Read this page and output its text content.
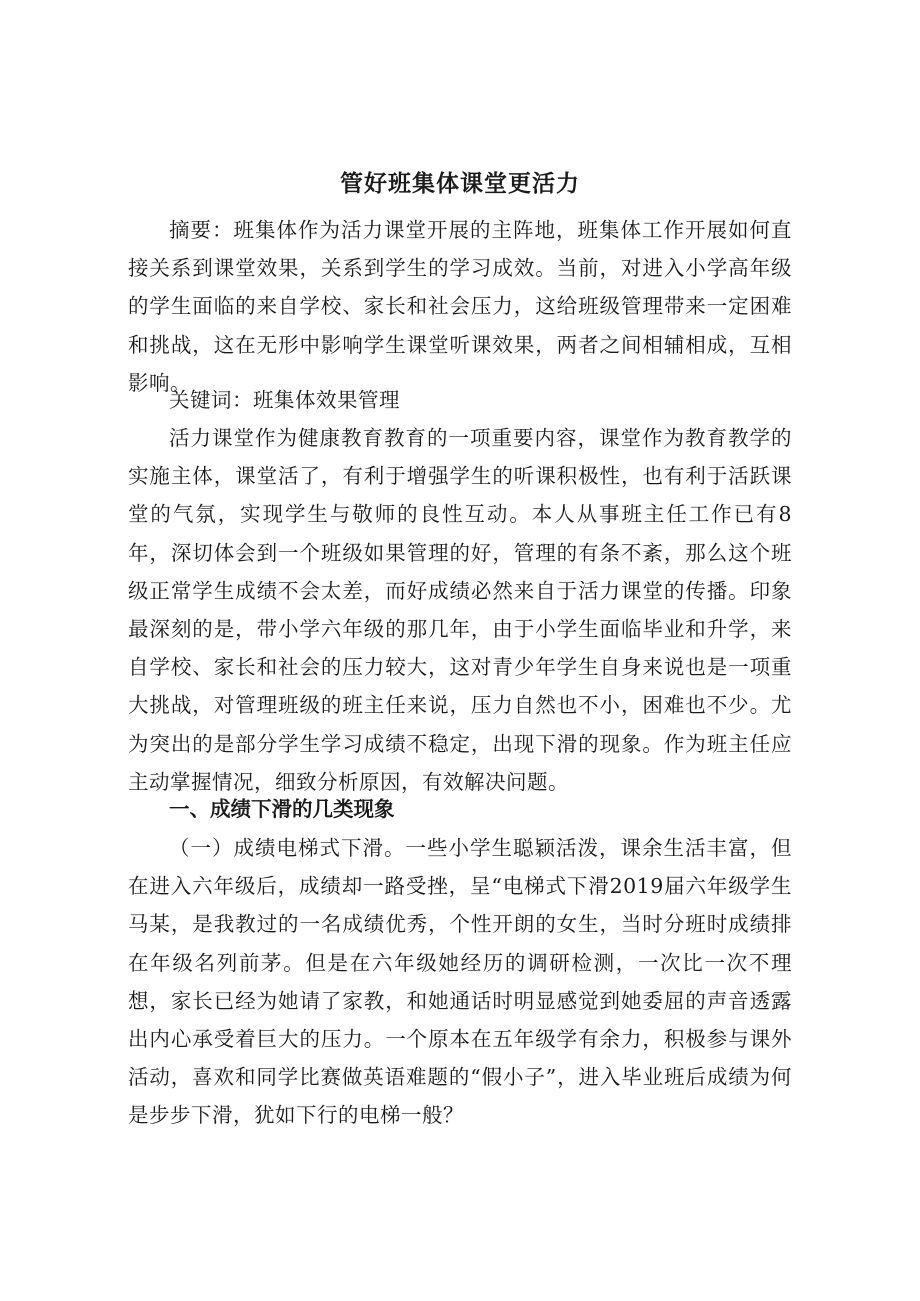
管好班集体课堂更活力

摘要：班集体作为活力课堂开展的主阵地，班集体工作开展如何直接关系到课堂效果，关系到学生的学习成效。当前，对进入小学高年级的学生面临的来自学校、家长和社会压力，这给班级管理带来一定困难和挑战，这在无形中影响学生课堂听课效果，两者之间相辅相成，互相影响。

关键词：班集体效果管理

活力课堂作为健康教育教育的一项重要内容，课堂作为教育教学的实施主体，课堂活了，有利于增强学生的听课积极性，也有利于活跃课堂的气氛，实现学生与敬师的良性互动。本人从事班主任工作已有8年，深切体会到一个班级如果管理的好，管理的有条不紊，那么这个班级正常学生成绩不会太差，而好成绩必然来自于活力课堂的传播。印象最深刻的是，带小学六年级的那几年，由于小学生面临毕业和升学，来自学校、家长和社会的压力较大，这对青少年学生自身来说也是一项重大挑战，对管理班级的班主任来说，压力自然也不小，困难也不少。尤为突出的是部分学生学习成绩不稳定，出现下滑的现象。作为班主任应主动掌握情况，细致分析原因，有效解决问题。

一、成绩下滑的几类现象

（一）成绩电梯式下滑。一些小学生聪颖活泼，课余生活丰富，但在进入六年级后，成绩却一路受挫，呈“电梯式下滑2019届六年级学生马某，是我教过的一名成绩优秀，个性开朗的女生，当时分班时成绩排在年级名列前茅。但是在六年级她经历的调研检测，一次比一次不理想，家长已经为她请了家教，和她通话时明显感觉到她委屈的声音透露出内心承受着巨大的压力。一个原本在五年级学有余力，积极参与课外活动，喜欢和同学比赛做英语难题的“假小子”，进入毕业班后成绩为何是步步下滑，犹如下行的电梯一般？
